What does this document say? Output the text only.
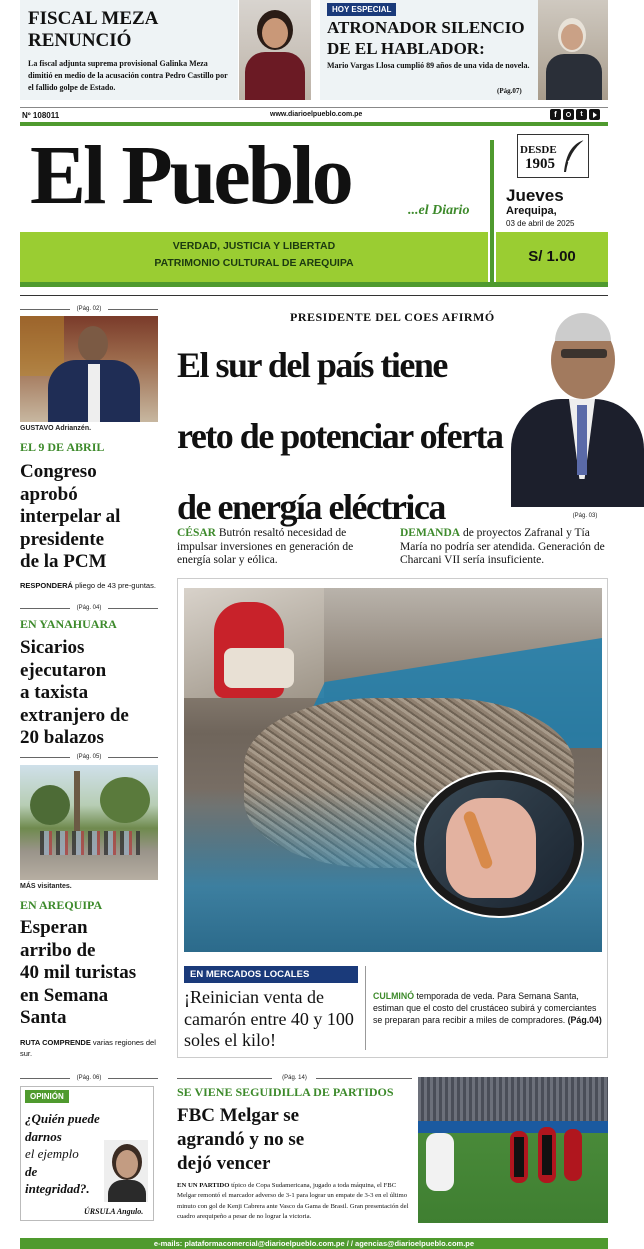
FISCAL MEZA
RENUNCIÓ
La fiscal adjunta suprema provisional Galinka Meza dimitió en medio de la acusación contra Pedro Castillo por el fallido golpe de Estado.
HOY ESPECIAL
ATRONADOR SILENCIO
DE EL HABLADOR:
Mario Vargas Llosa cumplió 89 años de una vida de novela.
(Pág.07)
Nº 108011	www.diarioelpueblo.com.pe	f	t
El Pueblo	...el Diario
DESDE
1905
Jueves
Arequipa,
03 de abril de 2025
VERDAD, JUSTICIA Y LIBERTAD
PATRIMONIO CULTURAL DE AREQUIPA	S/ 1.00
(Pág. 02)
GUSTAVO Adrianzén.
EL 9 DE ABRIL
Congreso
aprobó
interpelar al
presidente
de la PCM
RESPONDERÁ pliego de 43 pre-guntas.
(Pág. 04)
EN YANAHUARA
Sicarios
ejecutaron
a taxista
extranjero de
20 balazos
(Pág. 05)
MÁS visitantes.
EN AREQUIPA
Esperan
arribo de
40 mil turistas
en Semana
Santa
RUTA COMPRENDE varias regiones del sur.
PRESIDENTE DEL COES AFIRMÓ
El sur del país tiene
reto de potenciar oferta
de energía eléctrica	(Pág. 03)
CÉSAR Butrón resaltó necesidad de impulsar inversiones en generación de energía solar y eólica.
DEMANDA de proyectos Zafranal y Tía María no podría ser atendida. Generación de Charcani VII sería insuficiente.
EN MERCADOS LOCALES
¡Reinician venta de camarón entre 40 y 100 soles el kilo!
CULMINÓ temporada de veda. Para Semana Santa, estiman que el costo del crustáceo subirá y comerciantes se preparan para recibir a miles de compradores. (Pág.04)
(Pág. 06)
OPINIÓN
¿Quién puede
darnos
el ejemplo
de
integridad?.
ÚRSULA Angulo.
(Pág. 14)
SE VIENE SEGUIDILLA DE PARTIDOS
FBC Melgar se
agrandó y no se
dejó vencer
EN UN PARTIDO típico de Copa Sudamericana, jugado a toda máquina, el FBC Melgar remontó el marcador adverso de 3-1 para lograr un empate de 3-3 en el último minuto con gol de Kenji Cabrera ante Vasco da Gama de Brasil. Gran presentación del cuadro arequipeño a pesar de no lograr la victoria.
e-mails: plataformacomercial@diarioelpueblo.com.pe / / agencias@diarioelpueblo.com.pe
